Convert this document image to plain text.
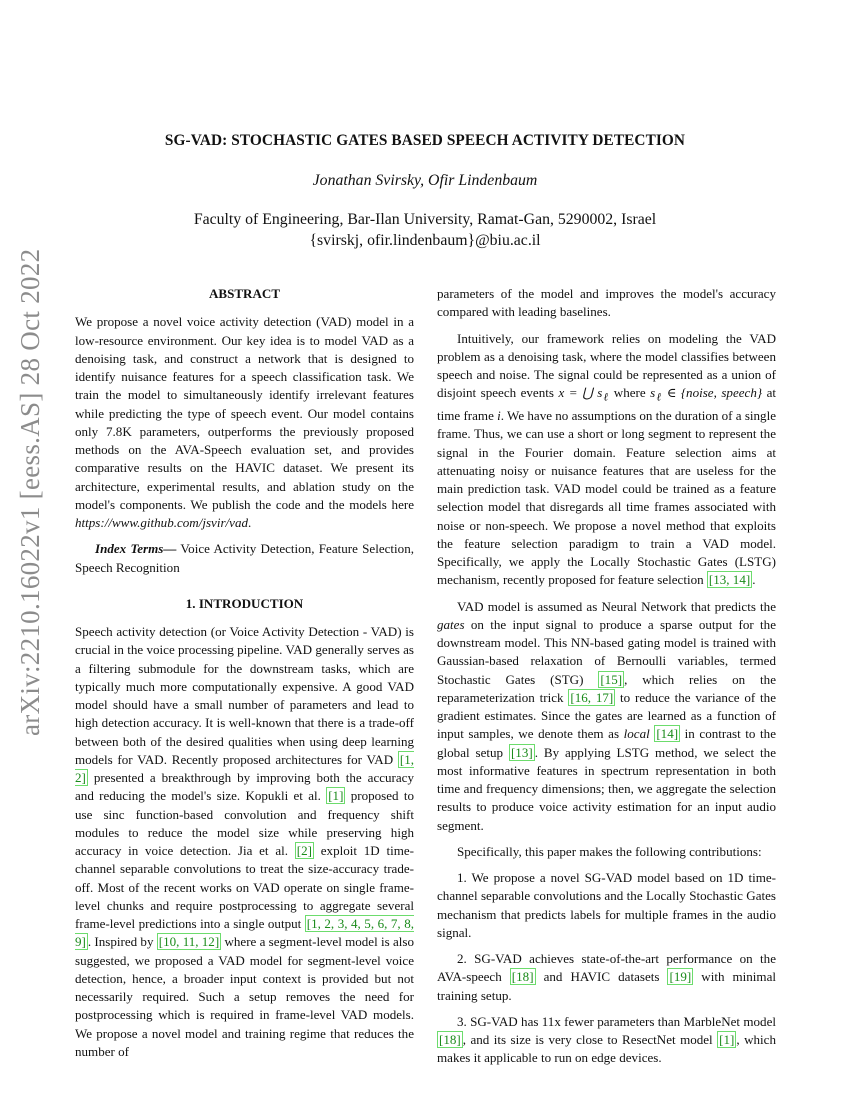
arXiv:2210.16022v1 [eess.AS] 28 Oct 2022
SG-VAD: STOCHASTIC GATES BASED SPEECH ACTIVITY DETECTION
Jonathan Svirsky, Ofir Lindenbaum
Faculty of Engineering, Bar-Ilan University, Ramat-Gan, 5290002, Israel
{svirskj, ofir.lindenbaum}@biu.ac.il
ABSTRACT

We propose a novel voice activity detection (VAD) model in a low-resource environment. Our key idea is to model VAD as a denoising task, and construct a network that is designed to identify nuisance features for a speech classification task. We train the model to simultaneously identify irrelevant features while predicting the type of speech event. Our model contains only 7.8K parameters, outperforms the previously proposed methods on the AVA-Speech evaluation set, and provides comparative results on the HAVIC dataset. We present its architecture, experimental results, and ablation study on the model's components. We publish the code and the models here https://www.github.com/jsvir/vad.

Index Terms— Voice Activity Detection, Feature Selection, Speech Recognition

1. INTRODUCTION

Speech activity detection (or Voice Activity Detection - VAD) is crucial in the voice processing pipeline. VAD generally serves as a filtering submodule for the downstream tasks, which are typically much more computationally expensive. A good VAD model should have a small number of parameters and lead to high detection accuracy. It is well-known that there is a trade-off between both of the desired qualities when using deep learning models for VAD. Recently proposed architectures for VAD [1, 2] presented a breakthrough by improving both the accuracy and reducing the model's size. Kopukli et al. [1] proposed to use sinc function-based convolution and frequency shift modules to reduce the model size while preserving high accuracy in voice detection. Jia et al. [2] exploit 1D time-channel separable convolutions to treat the size-accuracy trade-off. Most of the recent works on VAD operate on single frame-level chunks and require postprocessing to aggregate several frame-level predictions into a single output [1, 2, 3, 4, 5, 6, 7, 8, 9] . Inspired by [10, 11, 12] where a segment-level model is also suggested, we proposed a VAD model for segment-level voice detection, hence, a broader input context is provided but not necessarily required. Such a setup removes the need for postprocessing which is required in frame-level VAD models. We propose a novel model and training regime that reduces the number of

parameters of the model and improves the model's accuracy compared with leading baselines.

Intuitively, our framework relies on modeling the VAD problem as a denoising task, where the model classifies between speech and noise. The signal could be represented as a union of disjoint speech events x = ⋃ $s_\ell$ where $s_\ell$ ∈ {noise, speech} at time frame i. We have no assumptions on the duration of a single frame. Thus, we can use a short or long segment to represent the signal in the Fourier domain. Feature selection aims at attenuating noisy or nuisance features that are useless for the main prediction task. VAD model could be trained as a feature selection model that disregards all time frames associated with noise or non-speech. We propose a novel method that exploits the feature selection paradigm to train a VAD model. Specifically, we apply the Locally Stochastic Gates (LSTG) mechanism, recently proposed for feature selection [13, 14] .

VAD model is assumed as Neural Network that predicts the gates on the input signal to produce a sparse output for the downstream model. This NN-based gating model is trained with Gaussian-based relaxation of Bernoulli variables, termed Stochastic Gates (STG) [15] , which relies on the reparameterization trick [16, 17] to reduce the variance of the gradient estimates. Since the gates are learned as a function of input samples, we denote them as local [14] in contrast to the global setup [13] . By applying LSTG method, we select the most informative features in spectrum representation in both time and frequency dimensions; then, we aggregate the selection results to produce voice activity estimation for an input audio segment.

Specifically, this paper makes the following contributions:

1. We propose a novel SG-VAD model based on 1D time-channel separable convolutions and the Locally Stochastic Gates mechanism that predicts labels for multiple frames in the audio signal.

2. SG-VAD achieves state-of-the-art performance on the AVA-speech [18] and HAVIC datasets [19] with minimal training setup.

3. SG-VAD has 11x fewer parameters than MarbleNet model [18] , and its size is very close to ResectNet model [1] , which makes it applicable to run on edge devices.
